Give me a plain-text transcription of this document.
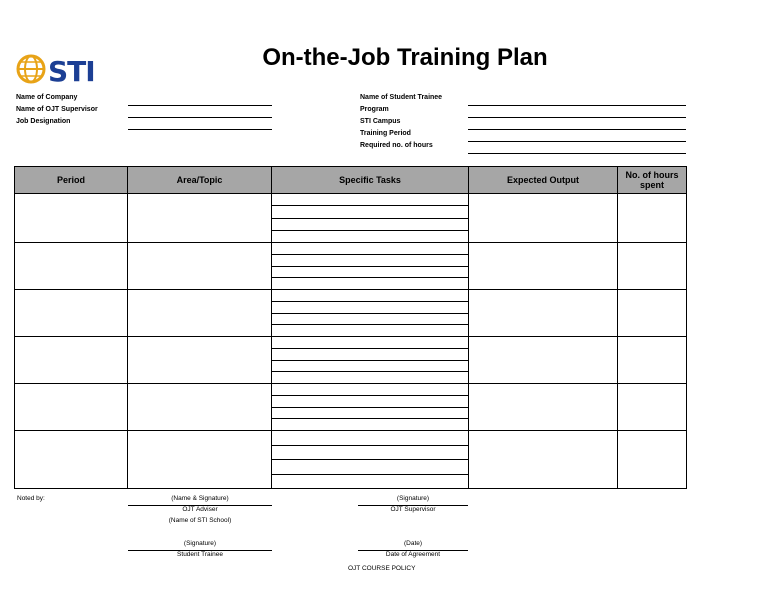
STI	On-the-Job Training Plan
Name of Company
Name of OJT Supervisor
Job Designation
Name of Student Trainee
Program
STI Campus
Training Period
Required no. of hours
Period	Area/Topic	Specific Tasks	Expected Output	No. of hours spent

Noted by:	(Name & Signature)
OJT Adviser
(Name of STI School)
(Signature)
OJT Supervisor
(Signature)
Student Trainee
(Date)
Date of Agreement
OJT COURSE POLICY
